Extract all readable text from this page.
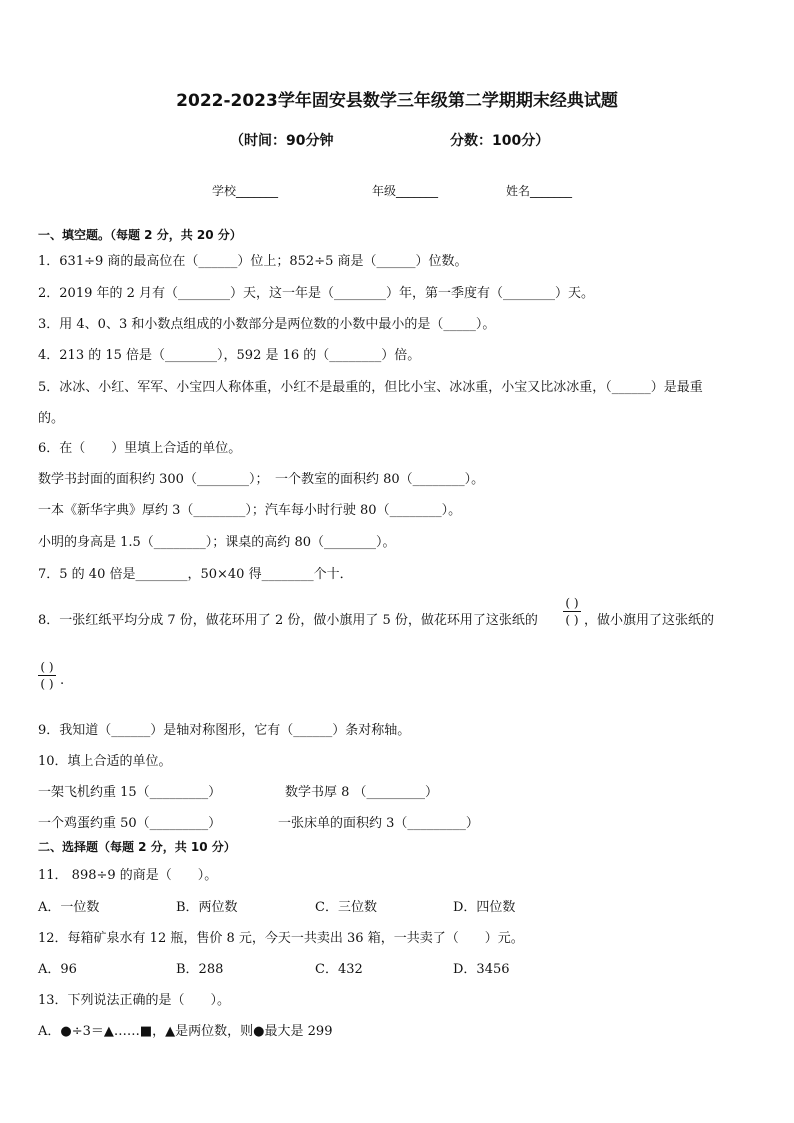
2022-2023学年固安县数学三年级第二学期期末经典试题
（时间：90分钟	分数：100分）
学校_______	年级_______	姓名_______
一、填空题。（每题 2 分，共 20 分）
1．631÷9 商的最高位在（______）位上；852÷5 商是（______）位数。
2．2019 年的 2 月有（________）天，这一年是（________）年，第一季度有（________）天。
3．用 4、0、3 和小数点组成的小数部分是两位数的小数中最小的是（_____）。
4．213 的 15 倍是（________），592 是 16 的（________）倍。
5．冰冰、小红、军军、小宝四人称体重，小红不是最重的，但比小宝、冰冰重，小宝又比冰冰重，（______）是最重
的。
6．在（　　）里填上合适的单位。
数学书封面的面积约 300（________）；　一个教室的面积约 80（________）。
一本《新华字典》厚约 3（________）；汽车每小时行驶 80（________）。
小明的身高是 1.5（________）；课桌的高约 80（________）。
7．5 的 40 倍是________，50×40 得________个十．
8．一张红纸平均分成 7 份，做花环用了 2 份，做小旗用了 5 份，做花环用了这张纸的
( )
( ) ，做小旗用了这张纸的
( )
( ) .
9．我知道（______）是轴对称图形，它有（______）条对称轴。
10．填上合适的单位。
一架飞机约重 15（_________）	数学书厚 8 （_________）
一个鸡蛋约重 50（_________）	一张床单的面积约 3（_________）
二、选择题（每题 2 分，共 10 分）
11． 898÷9 的商是（　　）。
A．一位数	B．两位数	C．三位数	D．四位数
12．每箱矿泉水有 12 瓶，售价 8 元，今天一共卖出 36 箱，一共卖了（　　）元。
A．96	B．288	C．432	D．3456
13．下列说法正确的是（　　）。
A．●÷3＝▲……■，▲是两位数，则●最大是 299
